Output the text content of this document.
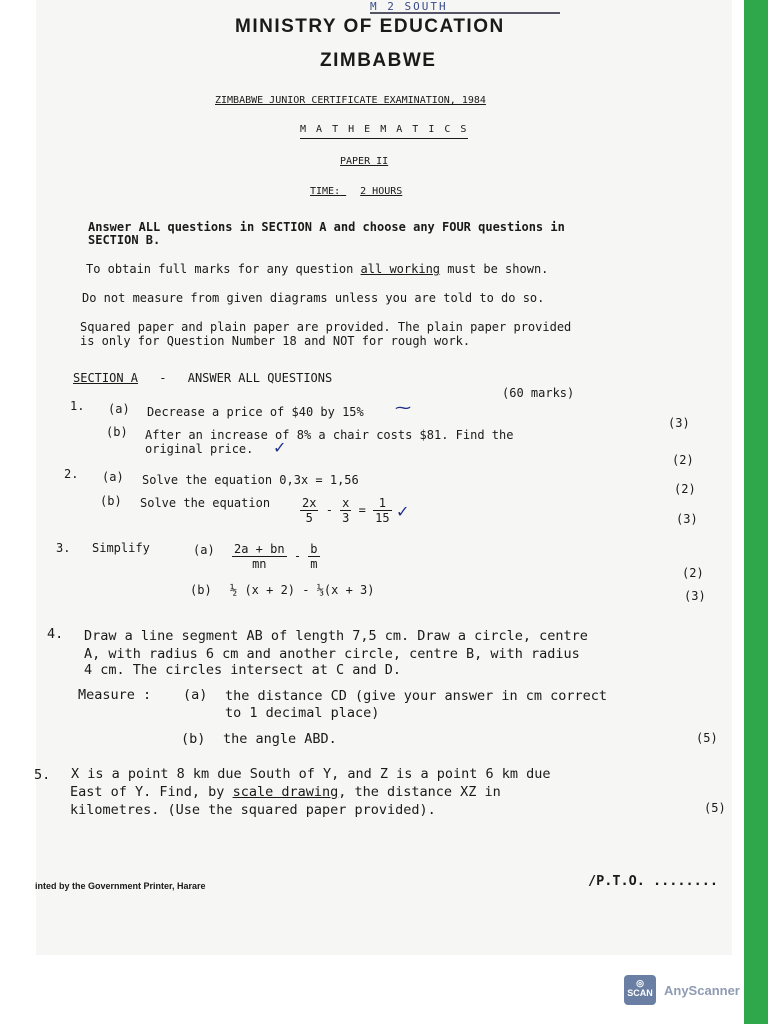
M 2 SOUTH
MINISTRY OF EDUCATION
ZIMBABWE
ZIMBABWE JUNIOR CERTIFICATE EXAMINATION, 1984
M A T H E M A T I C S
PAPER II
TIME: 2 HOURS
Answer ALL questions in SECTION A and choose any FOUR questions in
SECTION B.
To obtain full marks for any question all working must be shown.
Do not measure from given diagrams unless you are told to do so.
Squared paper and plain paper are provided. The plain paper provided
is only for Question Number 18 and NOT for rough work.
SECTION A - ANSWER ALL QUESTIONS
(60 marks)
1. (a) Decrease a price of $40 by 15% ⁓
(3)
(b) After an increase of 8% a chair costs $81. Find the
original price. ✓
(2)
2. (a) Solve the equation 0,3x = 1,56
(2)
(b) Solve the equation $\frac{2x}{5} - \frac{x}{3} = \frac{1}{15}$ ✓	(3)
3. Simplify	$(a) \frac{2a + bn}{mn} - \frac{b}{m}$
(2)
(b) ½ (x + 2) - ⅓(x + 3)	(3)
4. Draw a line segment AB of length 7,5 cm. Draw a circle, centre
A, with radius 6 cm and another circle, centre B, with radius
4 cm. The circles intersect at C and D.
Measure : (a) the distance CD (give your answer in cm correct
to 1 decimal place)
(b) the angle ABD.	(5)
5. X is a point 8 km due South of Y, and Z is a point 6 km due
East of Y. Find, by scale drawing, the distance XZ in
kilometres. (Use the squared paper provided).	(5)
inted by the Government Printer, Harare	/P.T.O. ........
◎
SCAN AnyScanner
